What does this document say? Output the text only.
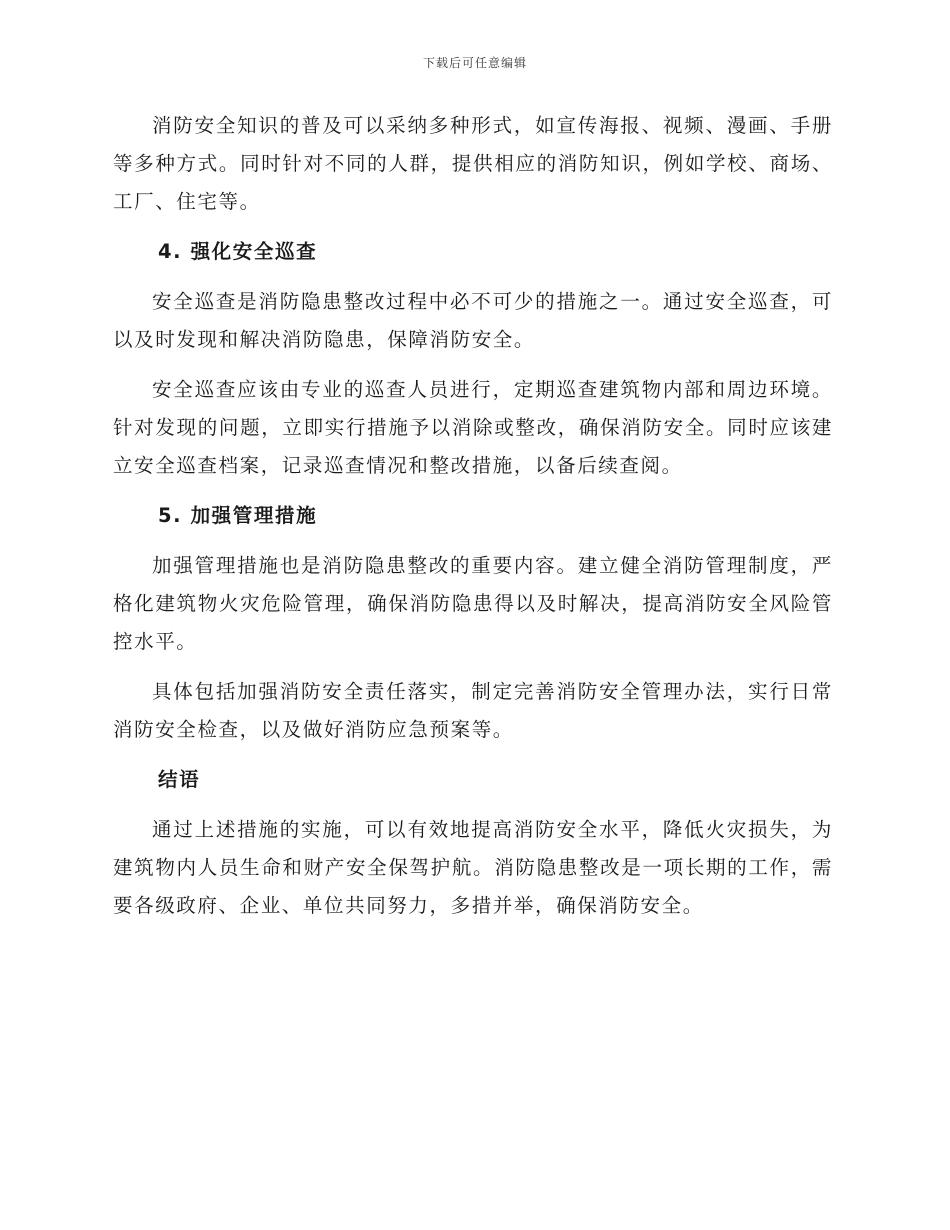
下载后可任意编辑

消防安全知识的普及可以采纳多种形式，如宣传海报、视频、漫画、手册等多种方式。同时针对不同的人群，提供相应的消防知识，例如学校、商场、工厂、住宅等。

4. 强化安全巡查

安全巡查是消防隐患整改过程中必不可少的措施之一。通过安全巡查，可以及时发现和解决消防隐患，保障消防安全。

安全巡查应该由专业的巡查人员进行，定期巡查建筑物内部和周边环境。针对发现的问题，立即实行措施予以消除或整改，确保消防安全。同时应该建立安全巡查档案，记录巡查情况和整改措施，以备后续查阅。

5. 加强管理措施

加强管理措施也是消防隐患整改的重要内容。建立健全消防管理制度，严格化建筑物火灾危险管理，确保消防隐患得以及时解决，提高消防安全风险管控水平。

具体包括加强消防安全责任落实，制定完善消防安全管理办法，实行日常消防安全检查，以及做好消防应急预案等。

结语

通过上述措施的实施，可以有效地提高消防安全水平，降低火灾损失，为建筑物内人员生命和财产安全保驾护航。消防隐患整改是一项长期的工作，需要各级政府、企业、单位共同努力，多措并举，确保消防安全。
